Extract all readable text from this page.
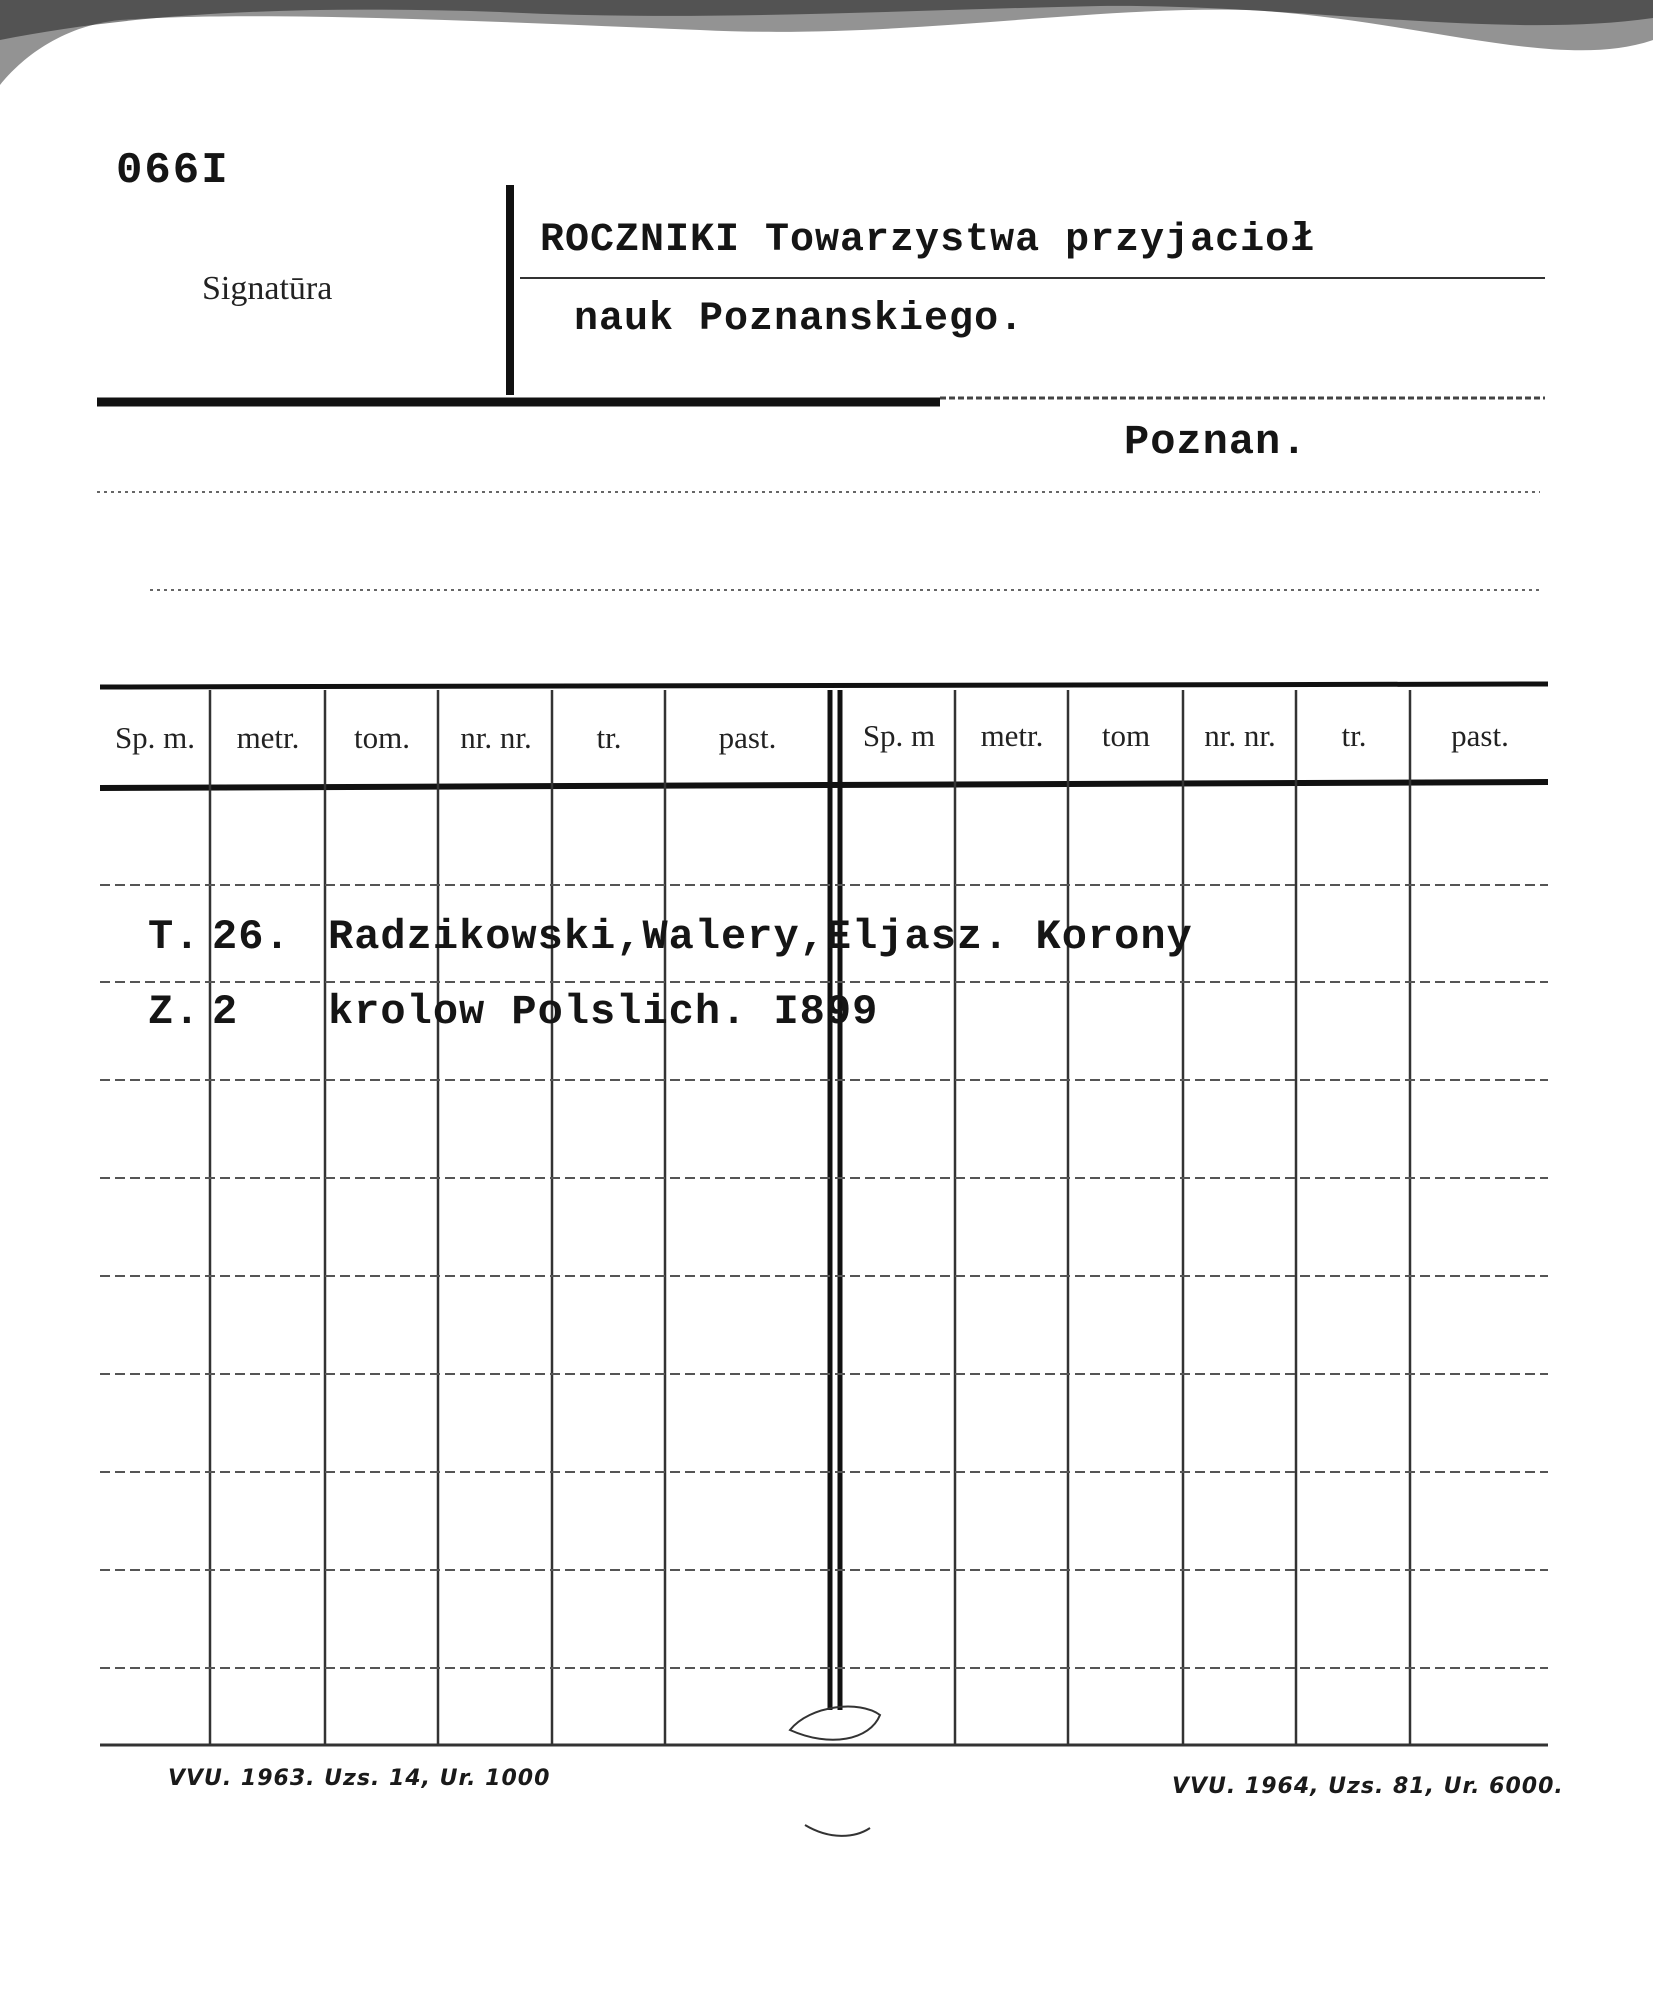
066I
Signatūra
ROCZNIKI Towarzystwa przyjacioł
nauk Poznanskiego.
Poznan.
Sp. m.	metr.	tom.	nr. nr.	tr.	past.	Sp. m	metr.	tom	nr. nr.	tr.	past.
T. 26. Radzikowski,Walery,Eljasz. Korony
Z. 2 krolow Polslich. I899
VVU. 1963. Uzs. 14, Ur. 1000	VVU. 1964, Uzs. 81, Ur. 6000.
